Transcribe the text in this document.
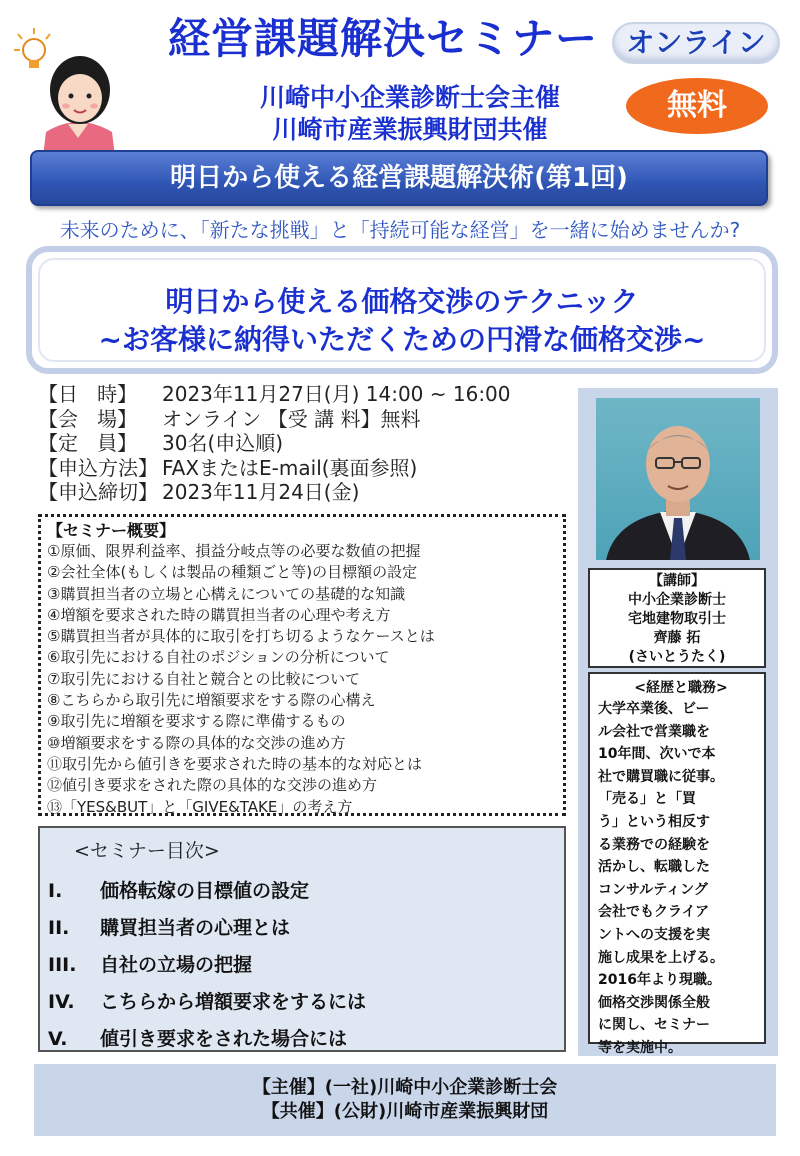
経営課題解決セミナー	オンライン
無料
川崎中小企業診断士会主催
川崎市産業振興財団共催
明日から使える経営課題解決術(第1回)
未来のために、「新たな挑戦」と「持続可能な経営」を一緒に始めませんか?
明日から使える価格交渉のテクニック
~お客様に納得いただくための円滑な価格交渉~
【日   時】 2023年11月27日(月) 14:00 ~ 16:00
【会   場】 オンライン 【受 講 料】無料
【定   員】 30名(申込順)
【申込方法】 FAXまたはE-mail(裏面参照)
【申込締切】 2023年11月24日(金)
【セミナー概要】
①原価、限界利益率、損益分岐点等の必要な数値の把握
②会社全体(もしくは製品の種類ごと等)の目標額の設定
③購買担当者の立場と心構えについての基礎的な知識
④増額を要求された時の購買担当者の心理や考え方
⑤購買担当者が具体的に取引を打ち切るようなケースとは
⑥取引先における自社のポジションの分析について
⑦取引先における自社と競合との比較について
⑧こちらから取引先に増額要求をする際の心構え
⑨取引先に増額を要求する際に準備するもの
⑩増額要求をする際の具体的な交渉の進め方
⑪取引先から値引きを要求された時の基本的な対応とは
⑫値引き要求をされた際の具体的な交渉の進め方
⑬「YES&BUT」と「GIVE&TAKE」の考え方
<セミナー目次>
I. 価格転嫁の目標値の設定
II. 購買担当者の心理とは
III. 自社の立場の把握
IV. こちらから増額要求をするには
V. 値引き要求をされた場合には
【講師】
中小企業診断士
宅地建物取引士
齊藤 拓
(さいとうたく)
<経歴と職務>
大学卒業後、ビー
ル会社で営業職を
10年間、次いで本
社で購買職に従事。
「売る」と「買
う」という相反す
る業務での経験を
活かし、転職した
コンサルティング
会社でもクライア
ントへの支援を実
施し成果を上げる。
2016年より現職。
価格交渉関係全般
に関し、セミナー
等を実施中。
【主催】(一社)川崎中小企業診断士会
【共催】(公財)川崎市産業振興財団
